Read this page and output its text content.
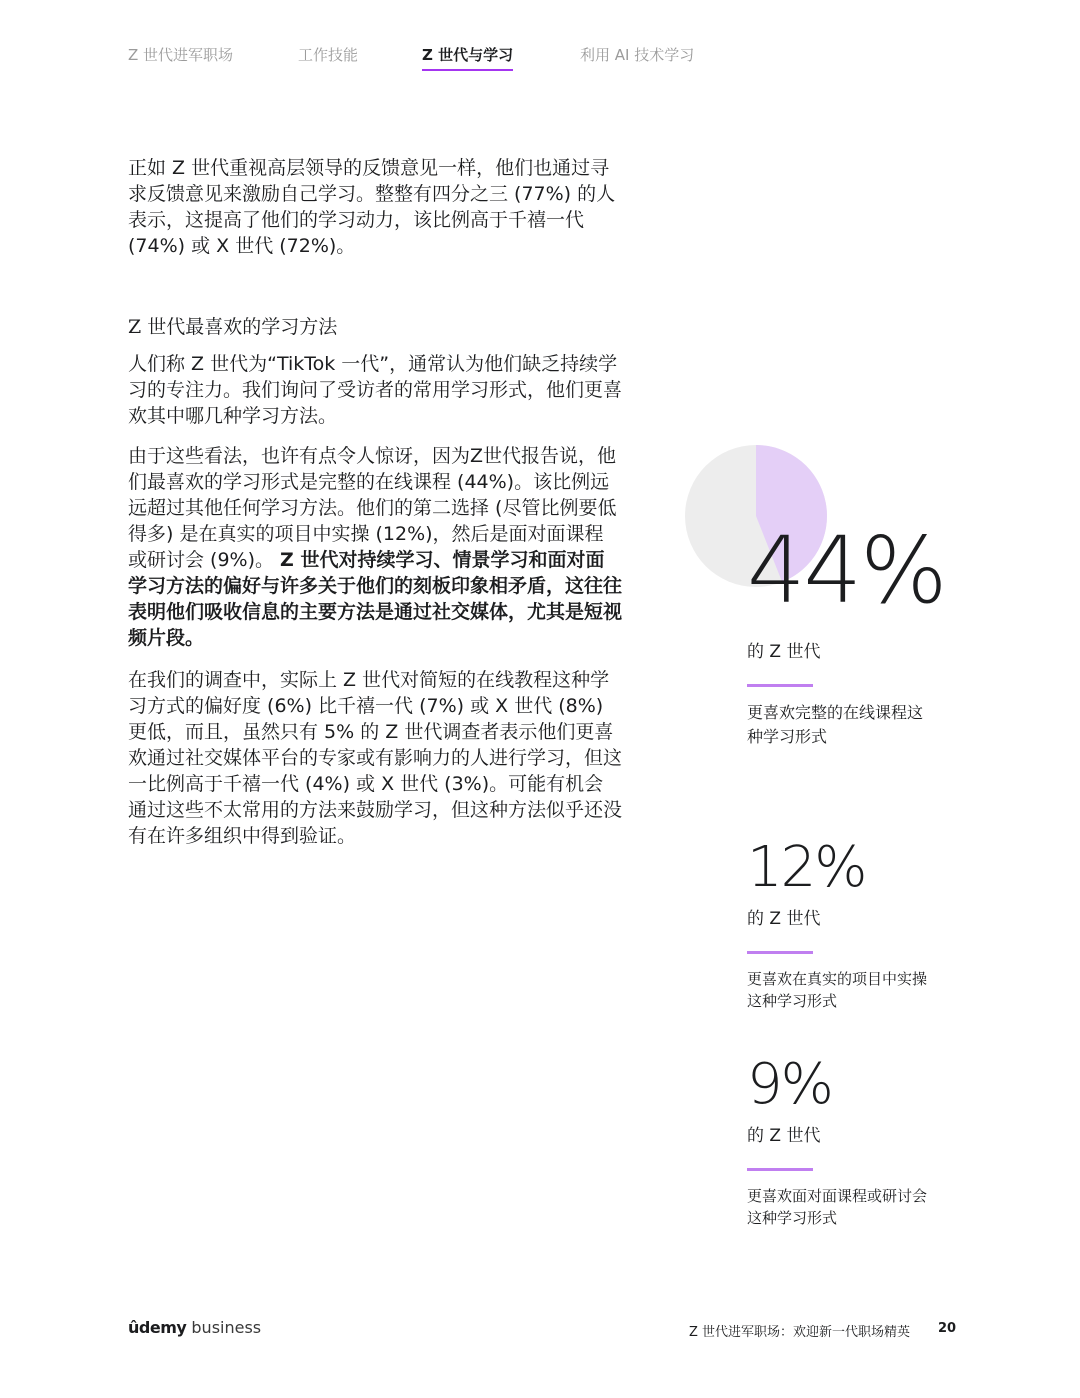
Z 世代进军职场	工作技能	Z 世代与学习	利用 AI 技术学习

正如 Z 世代重视高层领导的反馈意见一样，他们也通过寻求反馈意见来激励自己学习。整整有四分之三 (77%) 的人表示，这提高了他们的学习动力，该比例高于千禧一代 (74%) 或 X 世代 (72%)。

Z 世代最喜欢的学习方法

人们称 Z 世代为“TikTok 一代”，通常认为他们缺乏持续学习的专注力。我们询问了受访者的常用学习形式，他们更喜欢其中哪几种学习方法。

由于这些看法，也许有点令人惊讶，因为Z世代报告说，他们最喜欢的学习形式是完整的在线课程 (44%)。该比例远远超过其他任何学习方法。他们的第二选择 (尽管比例要低得多) 是在真实的项目中实操 (12%)，然后是面对面课程或研讨会 (9%)。 Z 世代对持续学习、情景学习和面对面学习方法的偏好与许多关于他们的刻板印象相矛盾，这往往表明他们吸收信息的主要方法是通过社交媒体，尤其是短视频片段。

在我们的调查中，实际上 Z 世代对简短的在线教程这种学习方式的偏好度 (6%) 比千禧一代 (7%) 或 X 世代 (8%) 更低，而且，虽然只有 5% 的 Z 世代调查者表示他们更喜欢通过社交媒体平台的专家或有影响力的人进行学习，但这一比例高于千禧一代 (4%) 或 X 世代 (3%)。可能有机会通过这些不太常用的方法来鼓励学习，但这种方法似乎还没有在许多组织中得到验证。

44%
的 Z 世代
更喜欢完整的在线课程这种学习形式
12%
的 Z 世代
更喜欢在真实的项目中实操这种学习形式
9%
的 Z 世代
更喜欢面对面课程或研讨会这种学习形式
ûdemy business	Z 世代进军职场：欢迎新一代职场精英 20
